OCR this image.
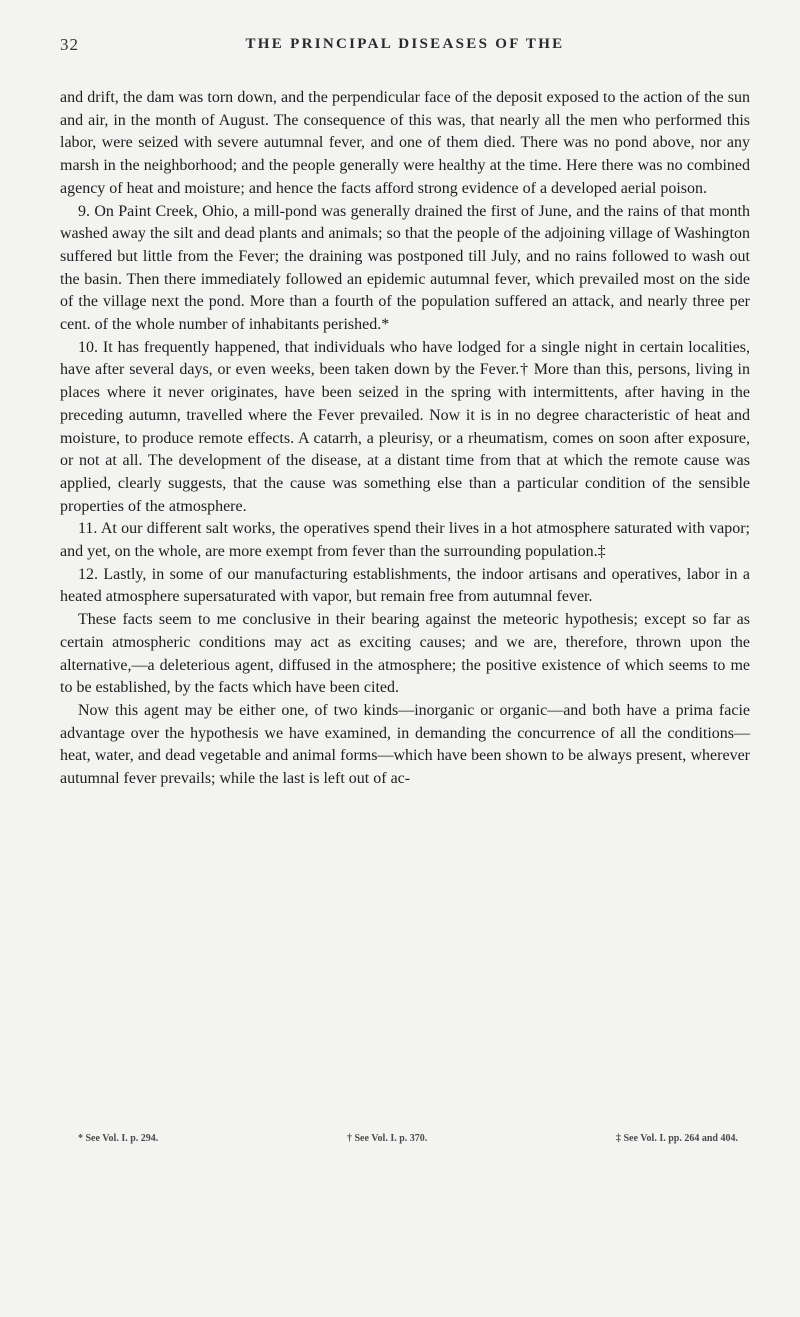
32	THE PRINCIPAL DISEASES OF THE

and drift, the dam was torn down, and the perpendicular face of the deposit exposed to the action of the sun and air, in the month of August. The consequence of this was, that nearly all the men who performed this labor, were seized with severe autumnal fever, and one of them died. There was no pond above, nor any marsh in the neighborhood; and the people generally were healthy at the time. Here there was no combined agency of heat and moisture; and hence the facts afford strong evidence of a developed aerial poison.

9. On Paint Creek, Ohio, a mill-pond was generally drained the first of June, and the rains of that month washed away the silt and dead plants and animals; so that the people of the adjoining village of Washington suffered but little from the Fever; the draining was postponed till July, and no rains followed to wash out the basin. Then there immediately followed an epidemic autumnal fever, which prevailed most on the side of the village next the pond. More than a fourth of the population suffered an attack, and nearly three per cent. of the whole number of inhabitants perished.*

10. It has frequently happened, that individuals who have lodged for a single night in certain localities, have after several days, or even weeks, been taken down by the Fever.† More than this, persons, living in places where it never originates, have been seized in the spring with intermittents, after having in the preceding autumn, travelled where the Fever prevailed. Now it is in no degree characteristic of heat and moisture, to produce remote effects. A catarrh, a pleurisy, or a rheumatism, comes on soon after exposure, or not at all. The development of the disease, at a distant time from that at which the remote cause was applied, clearly suggests, that the cause was something else than a particular condition of the sensible properties of the atmosphere.

11. At our different salt works, the operatives spend their lives in a hot atmosphere saturated with vapor; and yet, on the whole, are more exempt from fever than the surrounding population.‡

12. Lastly, in some of our manufacturing establishments, the indoor artisans and operatives, labor in a heated atmosphere supersaturated with vapor, but remain free from autumnal fever.

These facts seem to me conclusive in their bearing against the meteoric hypothesis; except so far as certain atmospheric conditions may act as exciting causes; and we are, therefore, thrown upon the alternative,—a deleterious agent, diffused in the atmosphere; the positive existence of which seems to me to be established, by the facts which have been cited.

Now this agent may be either one, of two kinds—inorganic or organic—and both have a prima facie advantage over the hypothesis we have examined, in demanding the concurrence of all the conditions—heat, water, and dead vegetable and animal forms—which have been shown to be always present, wherever autumnal fever prevails; while the last is left out of ac-

* See Vol. I. p. 294.	† See Vol. I. p. 370.	‡ See Vol. I. pp. 264 and 404.
